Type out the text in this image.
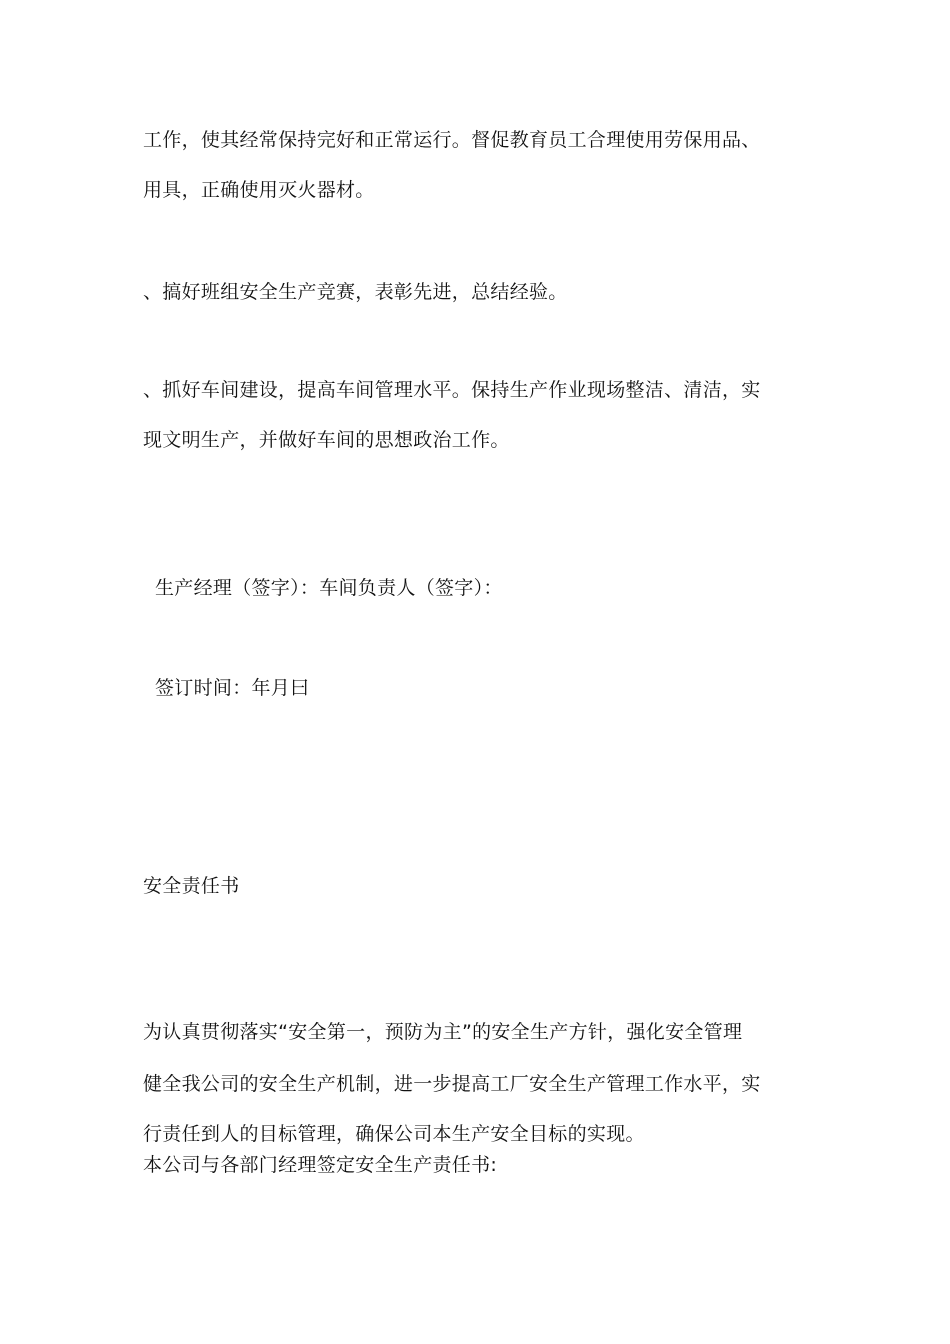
工作，使其经常保持完好和正常运行。督促教育员工合理使用劳保用品、
用具，正确使用灭火器材。
、搞好班组安全生产竞赛，表彰先进，总结经验。
、抓好车间建设，提高车间管理水平。保持生产作业现场整洁、清洁，实
现文明生产，并做好车间的思想政治工作。
生产经理（签字）：车间负责人（签字）：
签订时间：年月曰
安全责任书
为认真贯彻落实“安全第一，预防为主”的安全生产方针，强化安全管理
健全我公司的安全生产机制，进一步提高工厂安全生产管理工作水平，实
行责任到人的目标管理，确保公司本生产安全目标的实现。
本公司与各部门经理签定安全生产责任书:
